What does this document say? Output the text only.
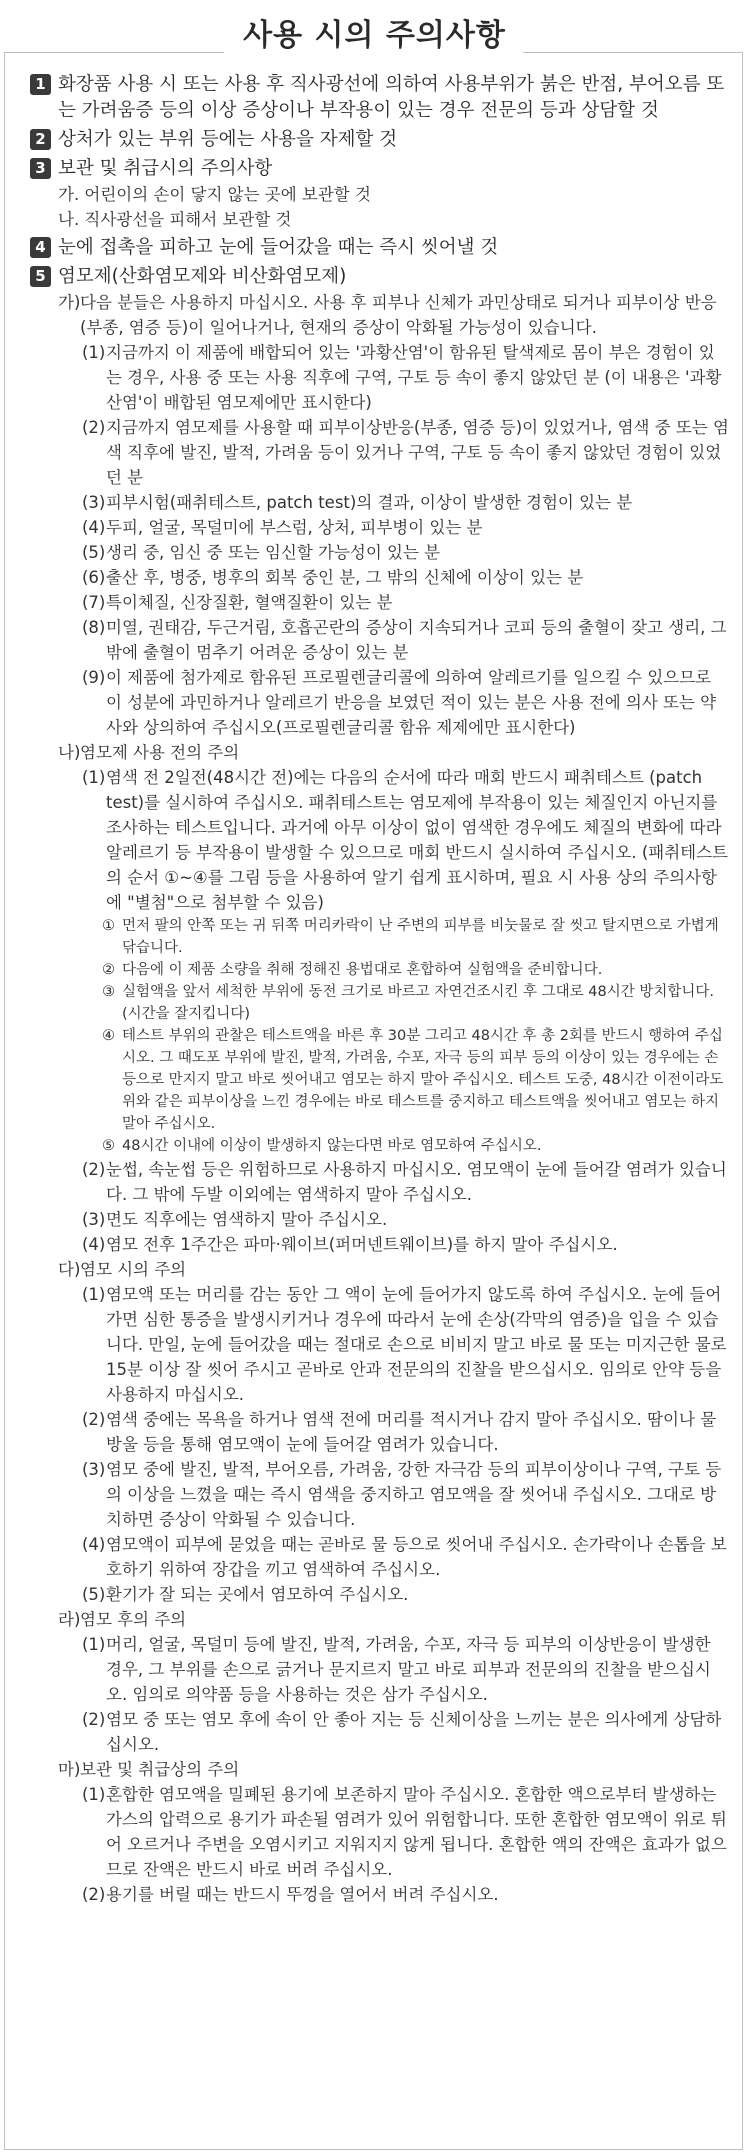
사용 시의 주의사항
1 화장품 사용 시 또는 사용 후 직사광선에 의하여 사용부위가 붉은 반점, 부어오름 또는 가려움증 등의 이상 증상이나 부작용이 있는 경우 전문의 등과 상담할 것
2 상처가 있는 부위 등에는 사용을 자제할 것
3 보관 및 취급시의 주의사항
가. 어린이의 손이 닿지 않는 곳에 보관할 것
나. 직사광선을 피해서 보관할 것
4 눈에 접촉을 피하고 눈에 들어갔을 때는 즉시 씻어낼 것
5 염모제(산화염모제와 비산화염모제)
가) 다음 분들은 사용하지 마십시오. 사용 후 피부나 신체가 과민상태로 되거나 피부이상 반응(부종, 염증 등)이 일어나거나, 현재의 증상이 악화될 가능성이 있습니다.
(1) 지금까지 이 제품에 배합되어 있는 '과황산염'이 함유된 탈색제로 몸이 부은 경험이 있는 경우, 사용 중 또는 사용 직후에 구역, 구토 등 속이 좋지 않았던 분 (이 내용은 '과황산염'이 배합된 염모제에만 표시한다)
(2) 지금까지 염모제를 사용할 때 피부이상반응(부종, 염증 등)이 있었거나, 염색 중 또는 염색 직후에 발진, 발적, 가려움 등이 있거나 구역, 구토 등 속이 좋지 않았던 경험이 있었던 분
(3) 피부시험(패취테스트, patch test)의 결과, 이상이 발생한 경험이 있는 분
(4) 두피, 얼굴, 목덜미에 부스럼, 상처, 피부병이 있는 분
(5) 생리 중, 임신 중 또는 임신할 가능성이 있는 분
(6) 출산 후, 병중, 병후의 회복 중인 분, 그 밖의 신체에 이상이 있는 분
(7) 특이체질, 신장질환, 혈액질환이 있는 분
(8) 미열, 권태감, 두근거림, 호흡곤란의 증상이 지속되거나 코피 등의 출혈이 잦고 생리, 그 밖에 출혈이 멈추기 어려운 증상이 있는 분
(9) 이 제품에 첨가제로 함유된 프로필렌글리콜에 의하여 알레르기를 일으킬 수 있으므로 이 성분에 과민하거나 알레르기 반응을 보였던 적이 있는 분은 사용 전에 의사 또는 약사와 상의하여 주십시오(프로필렌글리콜 함유 제제에만 표시한다)
나) 염모제 사용 전의 주의
(1) 염색 전 2일전(48시간 전)에는 다음의 순서에 따라 매회 반드시 패취테스트 (patch test)를 실시하여 주십시오. 패취테스트는 염모제에 부작용이 있는 체질인지 아닌지를 조사하는 테스트입니다. 과거에 아무 이상이 없이 염색한 경우에도 체질의 변화에 따라 알레르기 등 부작용이 발생할 수 있으므로 매회 반드시 실시하여 주십시오. (패취테스트의 순서 ①~④를 그림 등을 사용하여 알기 쉽게 표시하며, 필요 시 사용 상의 주의사항에 "별첨"으로 첨부할 수 있음)
① 먼저 팔의 안쪽 또는 귀 뒤쪽 머리카락이 난 주변의 피부를 비눗물로 잘 씻고 탈지면으로 가볍게 닦습니다.
② 다음에 이 제품 소량을 취해 정해진 용법대로 혼합하여 실험액을 준비합니다.
③ 실험액을 앞서 세척한 부위에 동전 크기로 바르고 자연건조시킨 후 그대로 48시간 방치합니다.(시간을 잘지킵니다)
④ 테스트 부위의 관찰은 테스트액을 바른 후 30분 그리고 48시간 후 총 2회를 반드시 행하여 주십시오. 그 때도포 부위에 발진, 발적, 가려움, 수포, 자극 등의 피부 등의 이상이 있는 경우에는 손 등으로 만지지 말고 바로 씻어내고 염모는 하지 말아 주십시오. 테스트 도중, 48시간 이전이라도 위와 같은 피부이상을 느낀 경우에는 바로 테스트를 중지하고 테스트액을 씻어내고 염모는 하지 말아 주십시오.
⑤ 48시간 이내에 이상이 발생하지 않는다면 바로 염모하여 주십시오.
(2) 눈썹, 속눈썹 등은 위험하므로 사용하지 마십시오. 염모액이 눈에 들어갈 염려가 있습니다. 그 밖에 두발 이외에는 염색하지 말아 주십시오.
(3) 면도 직후에는 염색하지 말아 주십시오.
(4) 염모 전후 1주간은 파마·웨이브(퍼머넨트웨이브)를 하지 말아 주십시오.
다) 염모 시의 주의
(1) 염모액 또는 머리를 감는 동안 그 액이 눈에 들어가지 않도록 하여 주십시오. 눈에 들어가면 심한 통증을 발생시키거나 경우에 따라서 눈에 손상(각막의 염증)을 입을 수 있습니다. 만일, 눈에 들어갔을 때는 절대로 손으로 비비지 말고 바로 물 또는 미지근한 물로 15분 이상 잘 씻어 주시고 곧바로 안과 전문의의 진찰을 받으십시오. 임의로 안약 등을 사용하지 마십시오.
(2) 염색 중에는 목욕을 하거나 염색 전에 머리를 적시거나 감지 말아 주십시오. 땀이나 물방울 등을 통해 염모액이 눈에 들어갈 염려가 있습니다.
(3) 염모 중에 발진, 발적, 부어오름, 가려움, 강한 자극감 등의 피부이상이나 구역, 구토 등의 이상을 느꼈을 때는 즉시 염색을 중지하고 염모액을 잘 씻어내 주십시오. 그대로 방치하면 증상이 악화될 수 있습니다.
(4) 염모액이 피부에 묻었을 때는 곧바로 물 등으로 씻어내 주십시오. 손가락이나 손톱을 보호하기 위하여 장갑을 끼고 염색하여 주십시오.
(5) 환기가 잘 되는 곳에서 염모하여 주십시오.
라) 염모 후의 주의
(1) 머리, 얼굴, 목덜미 등에 발진, 발적, 가려움, 수포, 자극 등 피부의 이상반응이 발생한 경우, 그 부위를 손으로 긁거나 문지르지 말고 바로 피부과 전문의의 진찰을 받으십시오. 임의로 의약품 등을 사용하는 것은 삼가 주십시오.
(2) 염모 중 또는 염모 후에 속이 안 좋아 지는 등 신체이상을 느끼는 분은 의사에게 상담하십시오.
마) 보관 및 취급상의 주의
(1) 혼합한 염모액을 밀폐된 용기에 보존하지 말아 주십시오. 혼합한 액으로부터 발생하는 가스의 압력으로 용기가 파손될 염려가 있어 위험합니다. 또한 혼합한 염모액이 위로 튀어 오르거나 주변을 오염시키고 지워지지 않게 됩니다. 혼합한 액의 잔액은 효과가 없으므로 잔액은 반드시 바로 버려 주십시오.
(2) 용기를 버릴 때는 반드시 뚜껑을 열어서 버려 주십시오.
